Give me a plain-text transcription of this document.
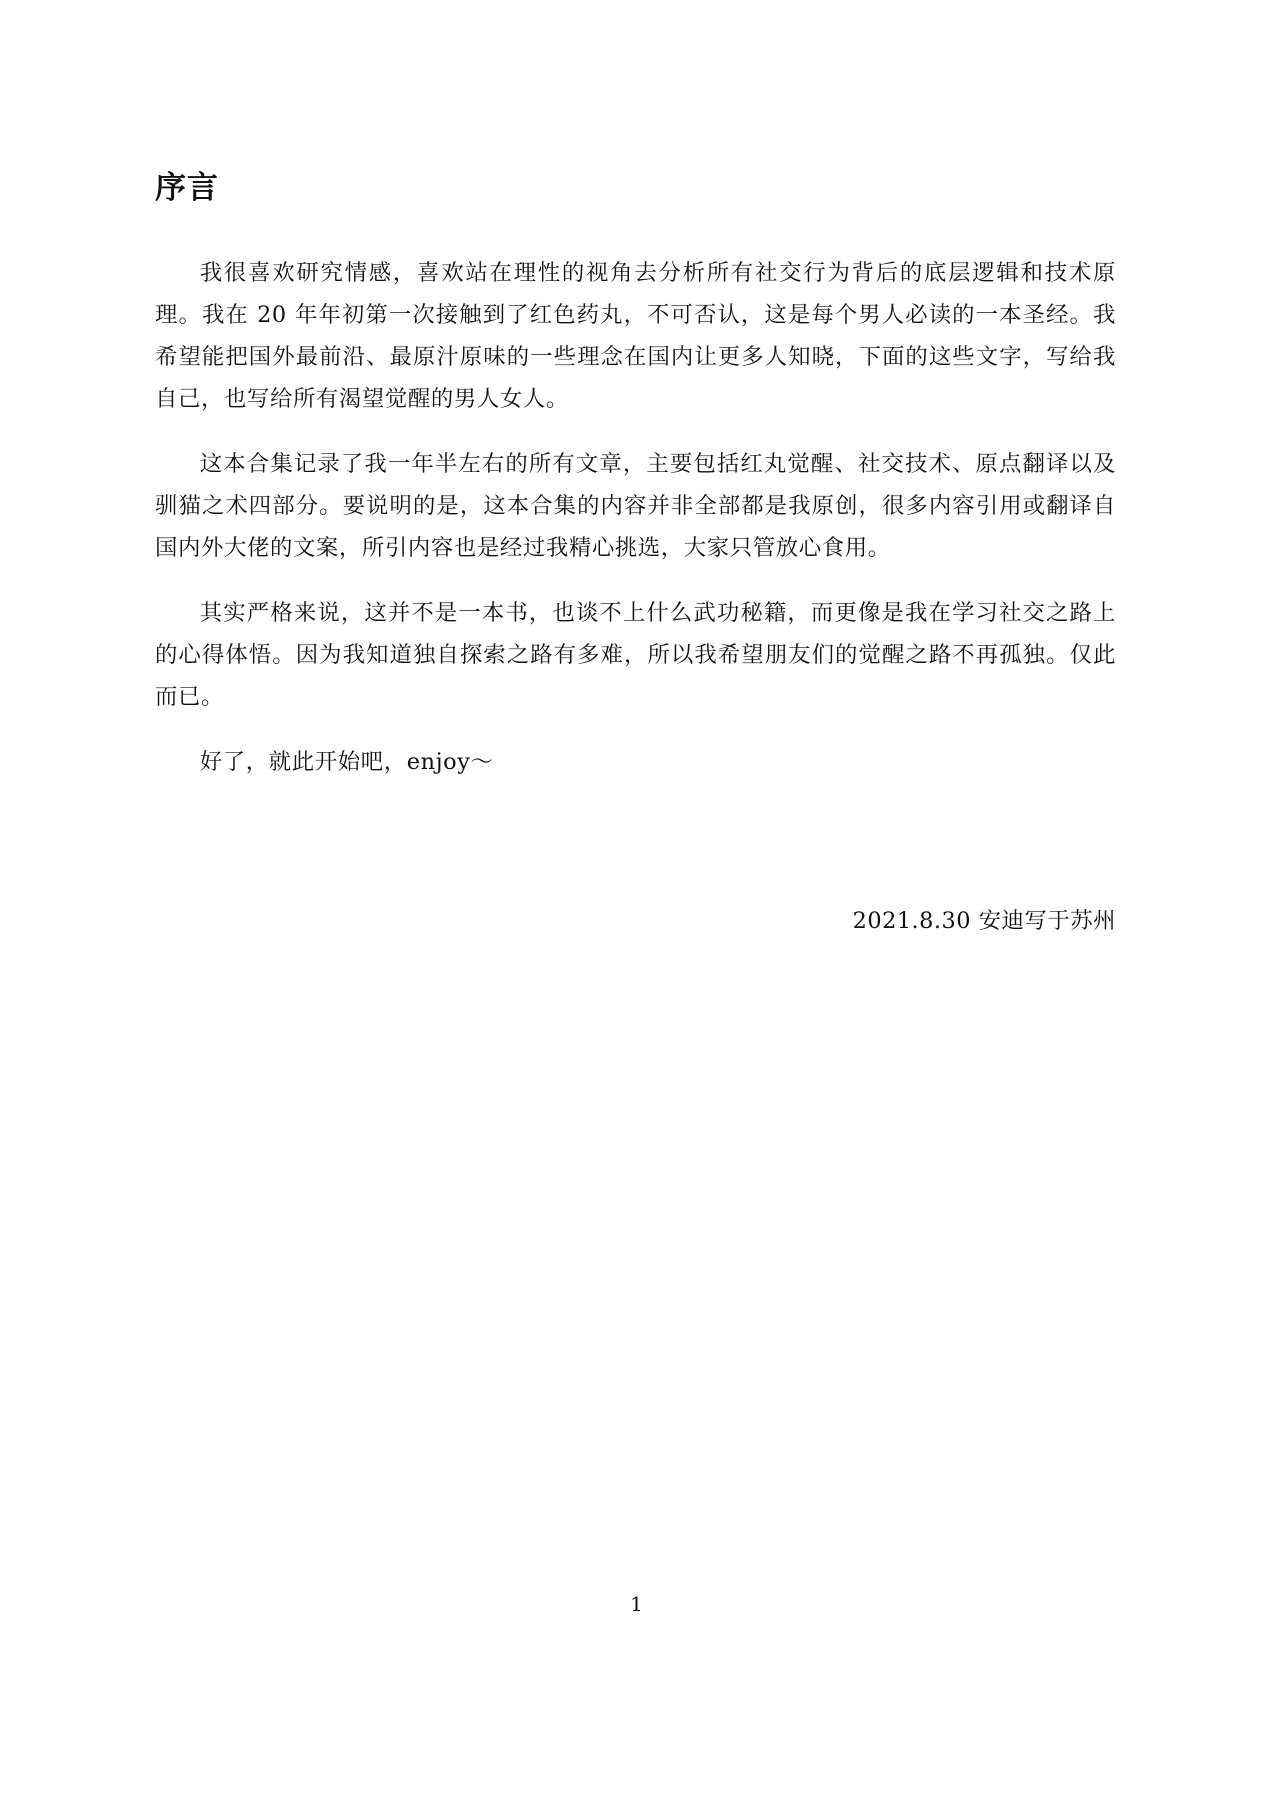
序言

我很喜欢研究情感，喜欢站在理性的视角去分析所有社交行为背后的底层逻辑和技术原理。我在 20 年年初第一次接触到了红色药丸，不可否认，这是每个男人必读的一本圣经。我希望能把国外最前沿、最原汁原味的一些理念在国内让更多人知晓，下面的这些文字，写给我自己，也写给所有渴望觉醒的男人女人。

这本合集记录了我一年半左右的所有文章，主要包括红丸觉醒、社交技术、原点翻译以及驯猫之术四部分。要说明的是，这本合集的内容并非全部都是我原创，很多内容引用或翻译自国内外大佬的文案，所引内容也是经过我精心挑选，大家只管放心食用。

其实严格来说，这并不是一本书，也谈不上什么武功秘籍，而更像是我在学习社交之路上的心得体悟。因为我知道独自探索之路有多难，所以我希望朋友们的觉醒之路不再孤独。仅此而已。

好了，就此开始吧，enjoy～

2021.8.30 安迪写于苏州

1
